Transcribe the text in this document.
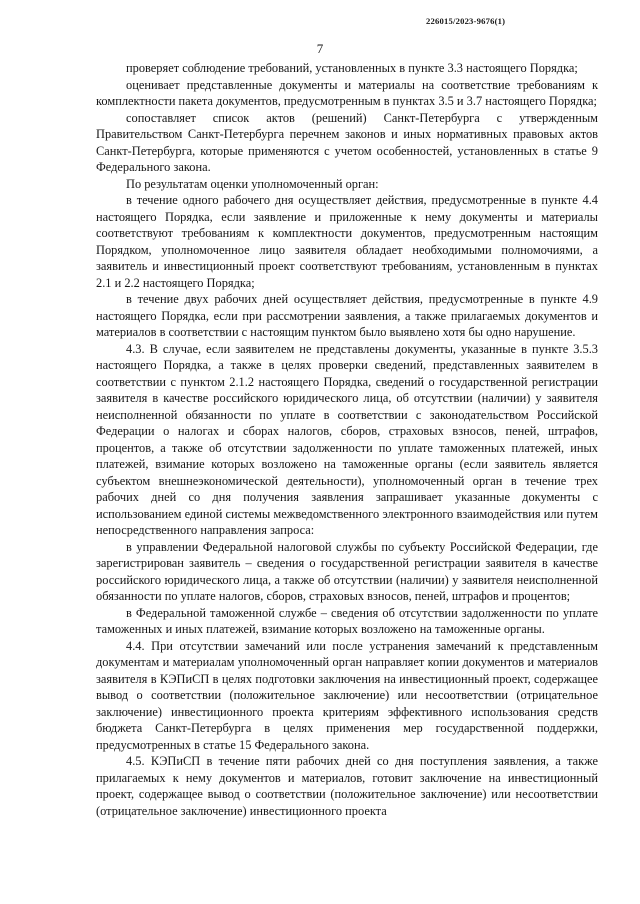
226015/2023-9676(1)
7

проверяет соблюдение требований, установленных в пункте 3.3 настоящего Порядка;

оценивает представленные документы и материалы на соответствие требованиям к комплектности пакета документов, предусмотренным в пунктах 3.5 и 3.7 настоящего Порядка;

сопоставляет список актов (решений) Санкт-Петербурга с утвержденным Правительством Санкт-Петербурга перечнем законов и иных нормативных правовых актов Санкт-Петербурга, которые применяются с учетом особенностей, установленных в статье 9 Федерального закона.

По результатам оценки уполномоченный орган:

в течение одного рабочего дня осуществляет действия, предусмотренные в пункте 4.4 настоящего Порядка, если заявление и приложенные к нему документы и материалы соответствуют требованиям к комплектности документов, предусмотренным настоящим Порядком, уполномоченное лицо заявителя обладает необходимыми полномочиями, а заявитель и инвестиционный проект соответствуют требованиям, установленным в пунктах 2.1 и 2.2 настоящего Порядка;

в течение двух рабочих дней осуществляет действия, предусмотренные в пункте 4.9 настоящего Порядка, если при рассмотрении заявления, а также прилагаемых документов и материалов в соответствии с настоящим пунктом было выявлено хотя бы одно нарушение.

4.3. В случае, если заявителем не представлены документы, указанные в пункте 3.5.3 настоящего Порядка, а также в целях проверки сведений, представленных заявителем в соответствии с пунктом 2.1.2 настоящего Порядка, сведений о государственной регистрации заявителя в качестве российского юридического лица, об отсутствии (наличии) у заявителя неисполненной обязанности по уплате в соответствии с законодательством Российской Федерации о налогах и сборах налогов, сборов, страховых взносов, пеней, штрафов, процентов, а также об отсутствии задолженности по уплате таможенных платежей, иных платежей, взимание которых возложено на таможенные органы (если заявитель является субъектом внешнеэкономической деятельности), уполномоченный орган в течение трех рабочих дней со дня получения заявления запрашивает указанные документы с использованием единой системы межведомственного электронного взаимодействия или путем непосредственного направления запроса:

в управлении Федеральной налоговой службы по субъекту Российской Федерации, где зарегистрирован заявитель – сведения о государственной регистрации заявителя в качестве российского юридического лица, а также об отсутствии (наличии) у заявителя неисполненной обязанности по уплате налогов, сборов, страховых взносов, пеней, штрафов и процентов;

в Федеральной таможенной службе – сведения об отсутствии задолженности по уплате таможенных и иных платежей, взимание которых возложено на таможенные органы.

4.4. При отсутствии замечаний или после устранения замечаний к представленным документам и материалам уполномоченный орган направляет копии документов и материалов заявителя в КЭПиСП в целях подготовки заключения на инвестиционный проект, содержащее вывод о соответствии (положительное заключение) или несоответствии (отрицательное заключение) инвестиционного проекта критериям эффективного использования средств бюджета Санкт-Петербурга в целях применения мер государственной поддержки, предусмотренных в статье 15 Федерального закона.

4.5. КЭПиСП в течение пяти рабочих дней со дня поступления заявления, а также прилагаемых к нему документов и материалов, готовит заключение на инвестиционный проект, содержащее вывод о соответствии (положительное заключение) или несоответствии (отрицательное заключение) инвестиционного проекта
